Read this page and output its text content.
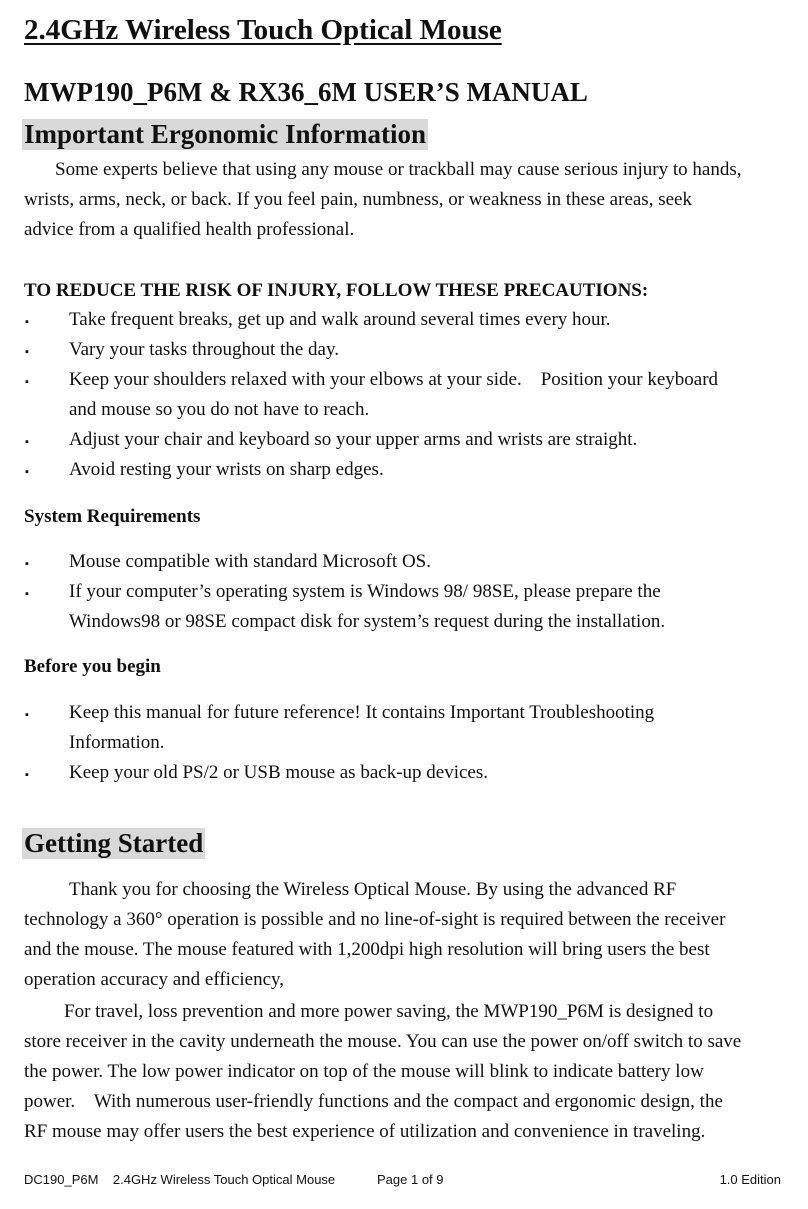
2.4GHz Wireless Touch Optical Mouse
MWP190_P6M & RX36_6M USER’S MANUAL
Important Ergonomic Information
Some experts believe that using any mouse or trackball may cause serious injury to hands,
wrists, arms, neck, or back. If you feel pain, numbness, or weakness in these areas, seek
advice from a qualified health professional.
TO REDUCE THE RISK OF INJURY, FOLLOW THESE PRECAUTIONS:
▪ Take frequent breaks, get up and walk around several times every hour.
▪ Vary your tasks throughout the day.
▪ Keep your shoulders relaxed with your elbows at your side.    Position your keyboard
and mouse so you do not have to reach.
▪ Adjust your chair and keyboard so your upper arms and wrists are straight.
▪ Avoid resting your wrists on sharp edges.
System Requirements
▪ Mouse compatible with standard Microsoft OS.
▪ If your computer’s operating system is Windows 98/ 98SE, please prepare the
Windows98 or 98SE compact disk for system’s request during the installation.
Before you begin
▪ Keep this manual for future reference! It contains Important Troubleshooting
Information.
▪ Keep your old PS/2 or USB mouse as back-up devices.
Getting Started
Thank you for choosing the Wireless Optical Mouse. By using the advanced RF
technology a 360° operation is possible and no line-of-sight is required between the receiver
and the mouse. The mouse featured with 1,200dpi high resolution will bring users the best
operation accuracy and efficiency,
For travel, loss prevention and more power saving, the MWP190_P6M is designed to
store receiver in the cavity underneath the mouse. You can use the power on/off switch to save
the power. The low power indicator on top of the mouse will blink to indicate battery low
power.    With numerous user-friendly functions and the compact and ergonomic design, the
RF mouse may offer users the best experience of utilization and convenience in traveling.
DC190_P6M    2.4GHz Wireless Touch Optical Mouse	Page 1 of 9	1.0 Edition
